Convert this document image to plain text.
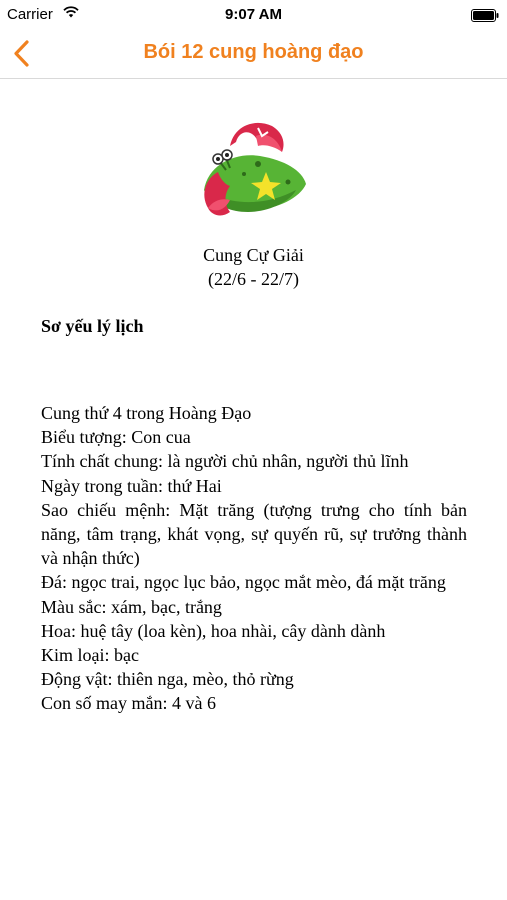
Carrier	9:07 AM
Bói 12 cung hoàng đạo
Cung Cự Giải
(22/6 - 22/7)
Sơ yếu lý lịch
Cung thứ 4 trong Hoàng Đạo
Biểu tượng: Con cua
Tính chất chung: là người chủ nhân, người thủ lĩnh
Ngày trong tuần: thứ Hai
Sao chiếu mệnh: Mặt trăng (tượng trưng cho tính bản năng, tâm trạng, khát vọng, sự quyến rũ, sự trưởng thành và nhận thức)
Đá: ngọc trai, ngọc lục bảo, ngọc mắt mèo, đá mặt trăng
Màu sắc: xám, bạc, trắng
Hoa: huệ tây (loa kèn), hoa nhài, cây dành dành
Kim loại: bạc
Động vật: thiên nga, mèo, thỏ rừng
Con số may mắn: 4 và 6
